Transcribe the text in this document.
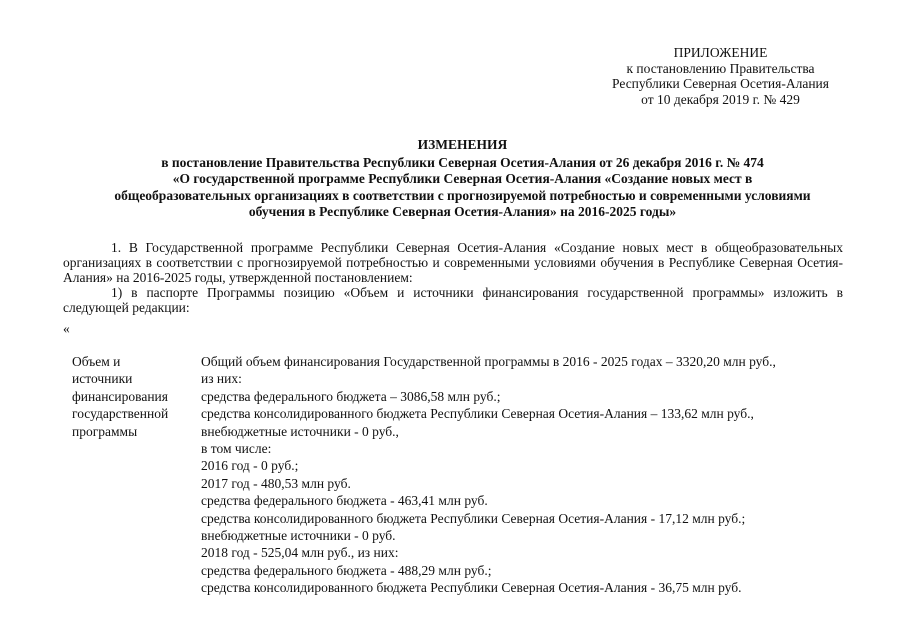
ПРИЛОЖЕНИЕ
к постановлению Правительства
Республики Северная Осетия-Алания
от 10 декабря 2019 г. № 429
ИЗМЕНЕНИЯ
в постановление Правительства Республики Северная Осетия-Алания от 26 декабря 2016 г. № 474
«О государственной программе Республики Северная Осетия-Алания «Создание новых мест в
общеобразовательных организациях в соответствии с прогнозируемой потребностью и современными условиями
обучения в Республике Северная Осетия-Алания» на 2016-2025 годы»

1. В Государственной программе Республики Северная Осетия-Алания «Создание новых мест в общеобразовательных организациях в соответствии с прогнозируемой потребностью и современными условиями обучения в Республике Северная Осетия-Алания» на 2016-2025 годы, утвержденной постановлением:

1) в паспорте Программы позицию «Объем и источники финансирования государственной программы» изложить в следующей редакции:

«
Объем и
источники
финансирования
государственной
программы
Общий объем финансирования Государственной программы в 2016 - 2025 годах – 3320,20 млн руб.,
из них:
средства федерального бюджета – 3086,58 млн руб.;
средства консолидированного бюджета Республики Северная Осетия-Алания – 133,62 млн руб.,
внебюджетные источники - 0 руб.,
в том числе:
2016 год - 0 руб.;
2017 год - 480,53 млн руб.
средства федерального бюджета - 463,41 млн руб.
средства консолидированного бюджета Республики Северная Осетия-Алания - 17,12 млн руб.;
внебюджетные источники - 0 руб.
2018 год - 525,04 млн руб., из них:
средства федерального бюджета - 488,29 млн руб.;
средства консолидированного бюджета Республики Северная Осетия-Алания - 36,75 млн руб.
